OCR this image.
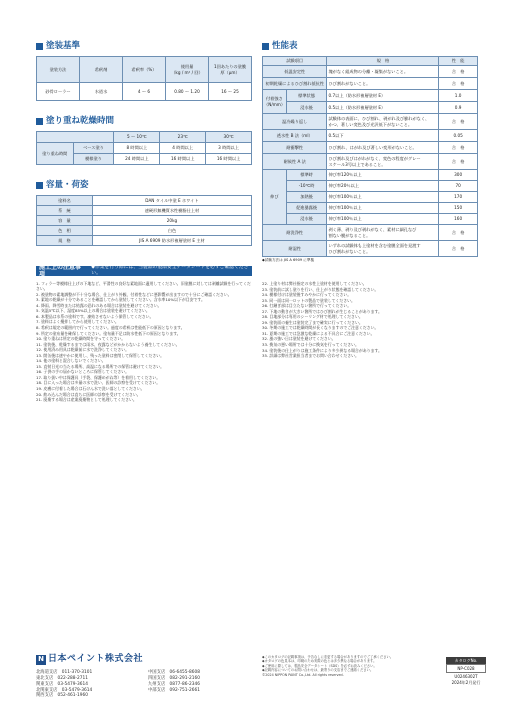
塗装基準
塗装方法	希釈剤	希釈率（%）	使用量
（kg / m² / 回）	1回あたりの塗膜
厚（μm）
砂骨ローラー	水道水	4 〜 6	0.80 〜 1.20	16 〜 25
塗り重ね乾燥時間
		5 〜 10℃	23℃	30℃
塗り重ね時間	ベース塗り	8 時間以上	4 時間以上	3 時間以上
	模様塗り	24 時間以上	16 時間以上	16 時間以上
容量・荷姿
塗料名	DAN タイル中塗 E ホワイト
系　統	速硬形無機質水性樹脂仕上材
容　量	20kg
色　相	白色
規　格	JIS A 6909 防水形複層塗材 E 主材
性能表
試験項目		規　格	性　能
低温安定性		塊がなく組成物の分離・凝集がないこと。	合　格
初期乾燥によるひび割れ抵抗性		ひび割れがないこと。	合　格
付着強さ
（N/mm）	標準状態	0.7以上（防水形複層塗材 E）	1.0
	浸水後	0.5以上（防水形複層塗材 E）	0.9
温冷繰り返し		試験体の表面に、ひび割れ、剥がれ及び膨れがなく、
かつ、著しい変色及び光沢低下がないこと。	合　格
透水性 B 法（ml）		0.5以下	0.05
耐衝撃性		ひび割れ、はがれ及び著しい変形がないこと。	合　格
耐候性 A 法		ひび割れ及びはがれがなく、変色の程度がグレー
スケール3号以上であること。	合　格
伸び	標準時	伸び率120％以上	300
	-10℃時	伸び率20％以上	70
	加熱後	伸び率100％以上	170
	促進暴露後	伸び率100％以上	150
	浸水後	伸び率100％以上	160
耐洗浄性		剥く薄、剥り及び剥れがなく、素材に細孔なび
割ない膜がなること。	合　格
耐湿性		いずれの試験体も上塗材を含む塗膜全面を見渡す
ひび割れがないこと。	合　格
◆試験方法は JIS A 6909 に準拠
施工上の注意事項
◆作業を行う際には、当製品の製品安全データシートを必ずご確認ください。

1. フィラー等模様仕上げの下地など、平滑性の良好な素地面に適用してください。旧塗膜に対しては剥離試験を行ってください。

2. 被塗物の素地調整が不十分な場合、仕上がり外観、付着性などに悪影響が出ますので十分にご確認ください。

3. 素地の乾燥が十分であることを確認してから塗装してください。含水率10%以下が目安です。

4. 降雨、降雪時または結露の恐れのある場合は塗装を避けてください。

5. 気温5℃以下、湿度85%以上の場合は塗装を避けてください。

6. 本製品は水系の塗料です。凍結させないよう保管してください。

7. 塗料はよく攪拌してから使用してください。

8. 希釈は規定の範囲内で行ってください。過度の希釈は性能低下の原因となります。

9. 所定の塗布量を確保してください。塗布量不足は防水性低下の原因となります。

10. 塗り重ねは所定の乾燥時間を守ってください。

11. 塗装後、乾燥するまでは雨水、夜露などがかからないよう養生してください。

12. 使用済み用具は乾燥前に水で洗浄してください。

13. 開缶後は速やかに使用し、残った塗料は密閉して保管してください。

14. 他の塗料と混合しないでください。

15. 直射日光の当たる場所、高温になる場所での保管は避けてください。

16. 子供の手の届かないところに保管してください。

17. 取り扱い中は保護具（手袋、保護めがね等）を着用してください。

18. 目に入った場合は多量の水で洗い、医師の診察を受けてください。

19. 皮膚に付着した場合は石けん水で洗い落としてください。

20. 飲み込んだ場合は直ちに医師の診察を受けてください。

21. 廃棄する場合は産業廃棄物として処理してください。

22. 上塗り材は弊社指定の水性上塗材を使用してください。

23. 塗装前に試し塗りを行い、仕上がり状態を確認してください。

24. 模様付けは塗装後すみやかに行ってください。

25. 同一面は同一ロットの製品で塗装してください。

26. 打継ぎ部は目立たない箇所で行ってください。

27. 下地の動きが大きい箇所ではひび割れが生じることがあります。

28. 目地部分は専用のシーリング材で処理してください。

29. 塗装面の養生は塗装完了まで確実に行ってください。

30. 冬期の施工では乾燥時間が長くなりますのでご注意ください。

31. 夏期の施工では急激な乾燥による不具合にご注意ください。

32. 風の強い日は塗装を避けてください。

33. 換気の悪い場所では十分に換気を行ってください。

34. 塗装後の仕上がりは施工条件により多少異なる場合があります。

35. 詳細は弊社営業担当者までお問い合わせください。

N 日本ペイント株式会社
北海道支店　 011-370-3101	中国支店　 06-6455-8608
東北支店　 022-288-2711	四国支店　 082-291-2160
関東支店　 03-5479-3614	九州支店　 0877-86-2346
北関東支店　 03-5479-3614	中部支店　 092-751-2661
関西支店　 052-461-1960
◆このカタログの記載事項は、予告なしに変更する場合がありますのでご了承ください。
◆カタログの色見本は、印刷のため実際の色とは多少異なる場合があります。
◆ご使用に際しては、製品安全データシート（SDS）を必ずお読みください。
◆記載内容についてのお問い合わせは、最寄りの支店までご連絡ください。
©2024 NIPPON PAINT Co.,Ltd. All rights reserved.
カタログNo.
NP-C028
U0246302T
2024年2月発行
